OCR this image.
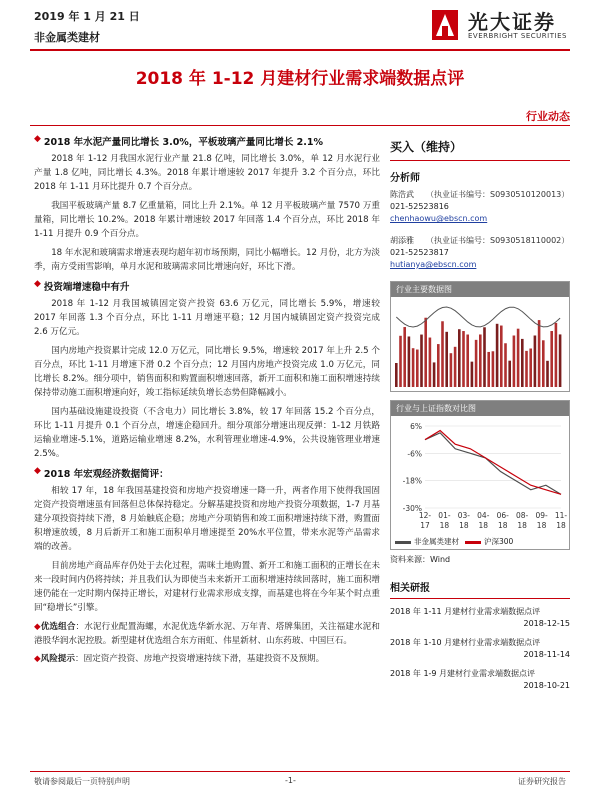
2019 年 1 月 21 日
非金属类建材
光大证券
EVERBRIGHT SECURITIES
2018 年 1-12 月建材行业需求端数据点评
行业动态
◆ 2018 年水泥产量同比增长 3.0%，平板玻璃产量同比增长 2.1%

2018 年 1-12 月我国水泥行业产量 21.8 亿吨，同比增长 3.0%，单 12 月水泥行业产量 1.8 亿吨，同比增长 4.3%。2018 年累计增速较 2017 年提升 3.2 个百分点，环比 2018 年 1-11 月环比提升 0.7 个百分点。

我国平板玻璃产量 8.7 亿重量箱，同比上升 2.1%。单 12 月平板玻璃产量 7570 万重量箱，同比增长 10.2%。2018 年累计增速较 2017 年回落 1.4 个百分点，环比 2018 年 1-11 月提升 0.9 个百分点。

18 年水泥和玻璃需求增速表现均超年初市场预期，同比小幅增长。12 月份，北方为淡季，南方受雨雪影响，单月水泥和玻璃需求同比增速向好，环比下滑。

◆ 投资端增速稳中有升

2018 年 1-12 月我国城镇固定资产投资 63.6 万亿元，同比增长 5.9%，增速较 2017 年回落 1.3 个百分点，环比 1-11 月增速平稳；12 月国内城镇固定资产投资完成 2.6 万亿元。

国内房地产投资累计完成 12.0 万亿元，同比增长 9.5%，增速较 2017 年上升 2.5 个百分点，环比 1-11 月增速下滑 0.2 个百分点；12 月国内房地产投资完成 1.0 万亿元，同比增长 8.2%。细分项中，销售面积和购置面积增速回落，新开工面积和施工面积增速持续保持带动施工面积增速向好，竣工指标延续负增长态势但降幅减小。

国内基础设施建设投资（不含电力）同比增长 3.8%，较 17 年回落 15.2 个百分点，环比 1-11 月提升 0.1 个百分点，增速企稳回升。细分项部分增速出现反弹：1-12 月铁路运输业增速-5.1%，道路运输业增速 8.2%，水利管理业增速-4.9%，公共设施管理业增速 2.5%。

◆ 2018 年宏观经济数据简评：

相较 17 年，18 年我国基建投资和房地产投资增速一降一升，两者作用下使得我国固定资产投资增速虽有回落但总体保持稳定。分解基建投资和房地产投资分项数据，1-7 月基建分项投资持续下滑，8 月始触底企稳；房地产分项销售和竣工面积增速持续下滑，购置面积增速放缓，8 月后新开工和施工面积单月增速提至 20%水平位置，带来水泥等产品需求端的改善。

目前房地产商品库存仍处于去化过程，需咪土地购置、新开工和施工面积的正增长在未来一段时间内仍将持续；并且我们认为即使当未来新开工面积增速持续回落时，施工面积增速仍能在一定时期内保持正增长，对建材行业需求形成支撑，而基建也将在今年某个时点重回“稳增长”引擎。

◆优选组合：水泥行业配置海螺，水泥优选华新水泥、万年青、塔牌集团，关注福建水泥和港股华润水泥控股。新型建材优选组合东方雨虹、伟星新材、山东药玻、中国巨石。

◆风险提示：固定资产投资、房地产投资增速持续下滑，基建投资不及预期。

买入（维持）
分析师
陈浩武 （执业证书编号：S0930510120013）
021-52523816
chenhaowu@ebscn.com
胡添雅 （执业证书编号：S0930518110002）
021-52523817
hutianya@ebscn.com
行业主要数据图
行业与上证指数对比图
6%
-6%
-18%
-30%
12-
17
01-
18
03-
18
04-
18
06-
18
08-
18
09-
18
11-
18
非金属类建材	沪深300
资料来源：Wind
相关研报
2018 年 1-11 月建材行业需求端数据点评
2018-12-15
2018 年 1-10 月建材行业需求端数据点评
2018-11-14
2018 年 1-9 月建材行业需求端数据点评
2018-10-21
敬请参阅最后一页特别声明	-1-	证券研究报告
